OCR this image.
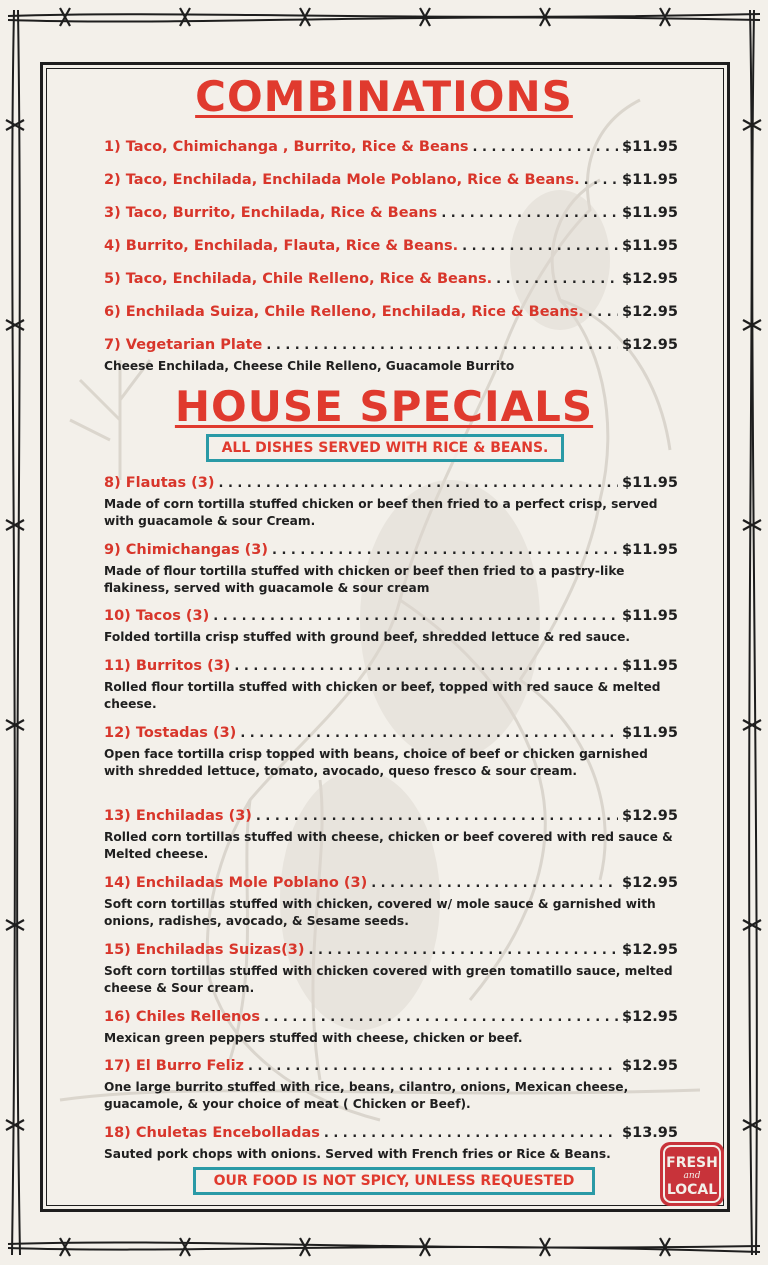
COMBINATIONS
1) Taco, Chimichanga , Burrito, Rice & Beans . . .	$11.95
2) Taco, Enchilada, Enchilada Mole Poblano, Rice & Beans. . . .	$11.95
3) Taco, Burrito, Enchilada, Rice & Beans . . .	$11.95
4) Burrito, Enchilada, Flauta, Rice & Beans. . . .	$11.95
5) Taco, Enchilada, Chile Relleno, Rice & Beans. . . .	$12.95
6) Enchilada Suiza, Chile Relleno, Enchilada, Rice & Beans. . . .	$12.95
7) Vegetarian Plate . . .	$12.95
Cheese Enchilada, Cheese Chile Relleno, Guacamole Burrito
HOUSE SPECIALS
ALL DISHES SERVED WITH RICE & BEANS.
8) Flautas (3) . . .	$11.95
Made of corn tortilla stuffed chicken or beef then fried to a perfect crisp, served with guacamole & sour Cream.
9) Chimichangas (3) . . .	$11.95
Made of flour tortilla stuffed with chicken or beef then fried to a pastry-like flakiness, served with guacamole & sour cream
10) Tacos (3) . . .	$11.95
Folded tortilla crisp stuffed with ground beef, shredded lettuce & red sauce.
11) Burritos (3) . . .	$11.95
Rolled flour tortilla stuffed with chicken or beef, topped with red sauce & melted cheese.
12) Tostadas (3) . . .	$11.95
Open face tortilla crisp topped with beans, choice of beef or chicken garnished with shredded lettuce, tomato, avocado, queso fresco & sour cream.
13) Enchiladas (3) . . .	$12.95
Rolled corn tortillas stuffed with cheese, chicken or beef covered with red sauce & Melted cheese.
14) Enchiladas Mole Poblano (3) . . .	$12.95
Soft corn tortillas stuffed with chicken, covered w/ mole sauce & garnished with onions, radishes, avocado, & Sesame seeds.
15) Enchiladas Suizas(3) . . .	$12.95
Soft corn tortillas stuffed with chicken covered with green tomatillo sauce, melted cheese & Sour cream.
16) Chiles Rellenos . . .	$12.95
Mexican green peppers stuffed with cheese, chicken or beef.
17) El Burro Feliz . . .	$12.95
One large burrito stuffed with rice, beans, cilantro, onions, Mexican cheese, guacamole, & your choice of meat ( Chicken or Beef).
18) Chuletas Encebolladas . . .	$13.95
Sauted pork chops with onions. Served with French fries or Rice & Beans.
OUR FOOD IS NOT SPICY, UNLESS REQUESTED
FRESH
and
LOCAL
